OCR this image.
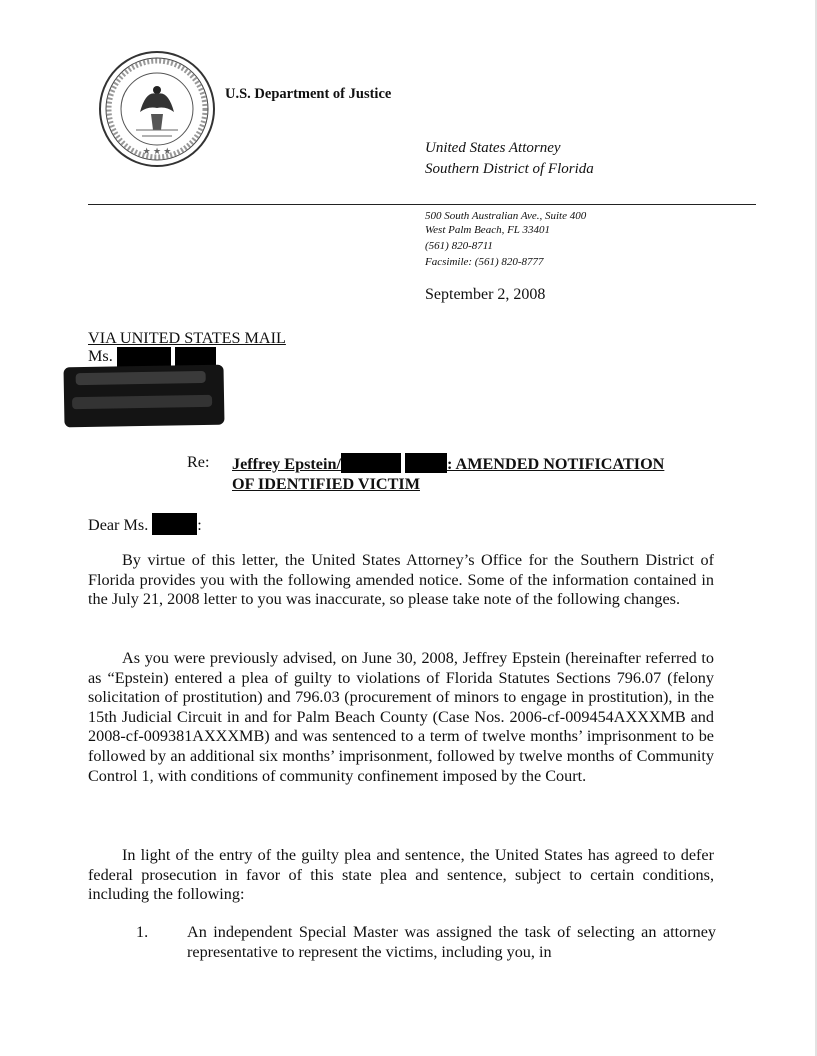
★ ★ ★
U.S. Department of Justice
United States Attorney
Southern District of Florida
500 South Australian Ave., Suite 400
West Palm Beach, FL 33401
(561) 820-8711
Facsimile: (561) 820-8777
September 2, 2008
VIA UNITED STATES MAIL
Ms.
Re: Jeffrey Epstein/	: AMENDED NOTIFICATION
OF IDENTIFIED VICTIM
Dear Ms.	:

By virtue of this letter, the United States Attorney’s Office for the Southern District of Florida provides you with the following amended notice. Some of the information contained in the July 21, 2008 letter to you was inaccurate, so please take note of the following changes.

As you were previously advised, on June 30, 2008, Jeffrey Epstein (hereinafter referred to as “Epstein) entered a plea of guilty to violations of Florida Statutes Sections 796.07 (felony solicitation of prostitution) and 796.03 (procurement of minors to engage in prostitution), in the 15th Judicial Circuit in and for Palm Beach County (Case Nos. 2006-cf-009454AXXXMB and 2008-cf-009381AXXXMB) and was sentenced to a term of twelve months’ imprisonment to be followed by an additional six months’ imprisonment, followed by twelve months of Community Control 1, with conditions of community confinement imposed by the Court.

In light of the entry of the guilty plea and sentence, the United States has agreed to defer federal prosecution in favor of this state plea and sentence, subject to certain conditions, including the following:

1. An independent Special Master was assigned the task of selecting an attorney representative to represent the victims, including you, in
